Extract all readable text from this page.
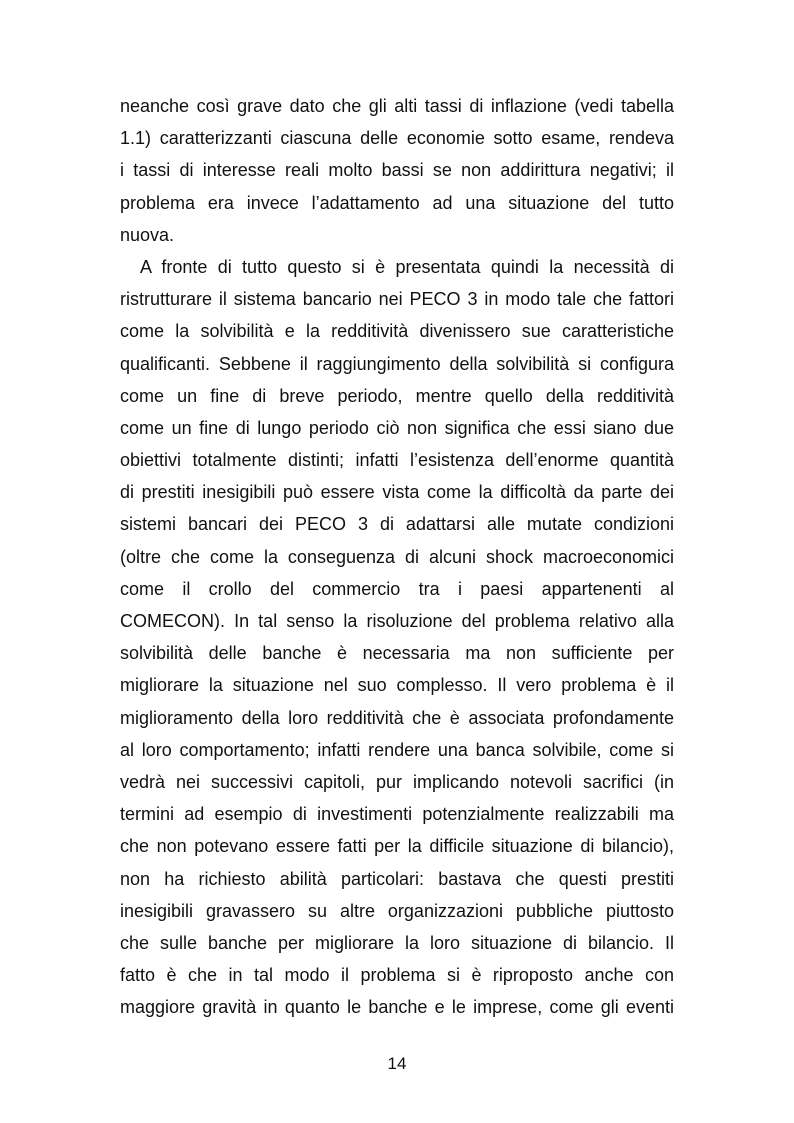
neanche così grave dato che gli alti tassi di inflazione (vedi tabella
1.1) caratterizzanti ciascuna delle economie sotto esame, rendeva
i tassi di interesse reali molto bassi se non addirittura negativi; il
problema era invece l’adattamento ad una situazione del tutto
nuova.
A fronte di tutto questo si è presentata quindi la necessità di
ristrutturare il sistema bancario nei PECO 3 in modo tale che fattori
come la solvibilità e la redditività divenissero sue caratteristiche
qualificanti. Sebbene il raggiungimento della solvibilità si configura
come un fine di breve periodo, mentre quello della redditività
come un fine di lungo periodo ciò non significa che essi siano due
obiettivi totalmente distinti; infatti l’esistenza dell’enorme quantità
di prestiti inesigibili può essere vista come la difficoltà da parte dei
sistemi bancari dei PECO 3 di adattarsi alle mutate condizioni
(oltre che come la conseguenza di alcuni shock macroeconomici
come il crollo del commercio tra i paesi appartenenti al
COMECON). In tal senso la risoluzione del problema relativo alla
solvibilità delle banche è necessaria ma non sufficiente per
migliorare la situazione nel suo complesso. Il vero problema è il
miglioramento della loro redditività che è associata profondamente
al loro comportamento; infatti rendere una banca solvibile, come si
vedrà nei successivi capitoli, pur implicando notevoli sacrifici (in
termini ad esempio di investimenti potenzialmente realizzabili ma
che non potevano essere fatti per la difficile situazione di bilancio),
non ha richiesto abilità particolari: bastava che questi prestiti
inesigibili gravassero su altre organizzazioni pubbliche piuttosto
che sulle banche per migliorare la loro situazione di bilancio. Il
fatto è che in tal modo il problema si è riproposto anche con
maggiore gravità in quanto le banche e le imprese, come gli eventi
14
